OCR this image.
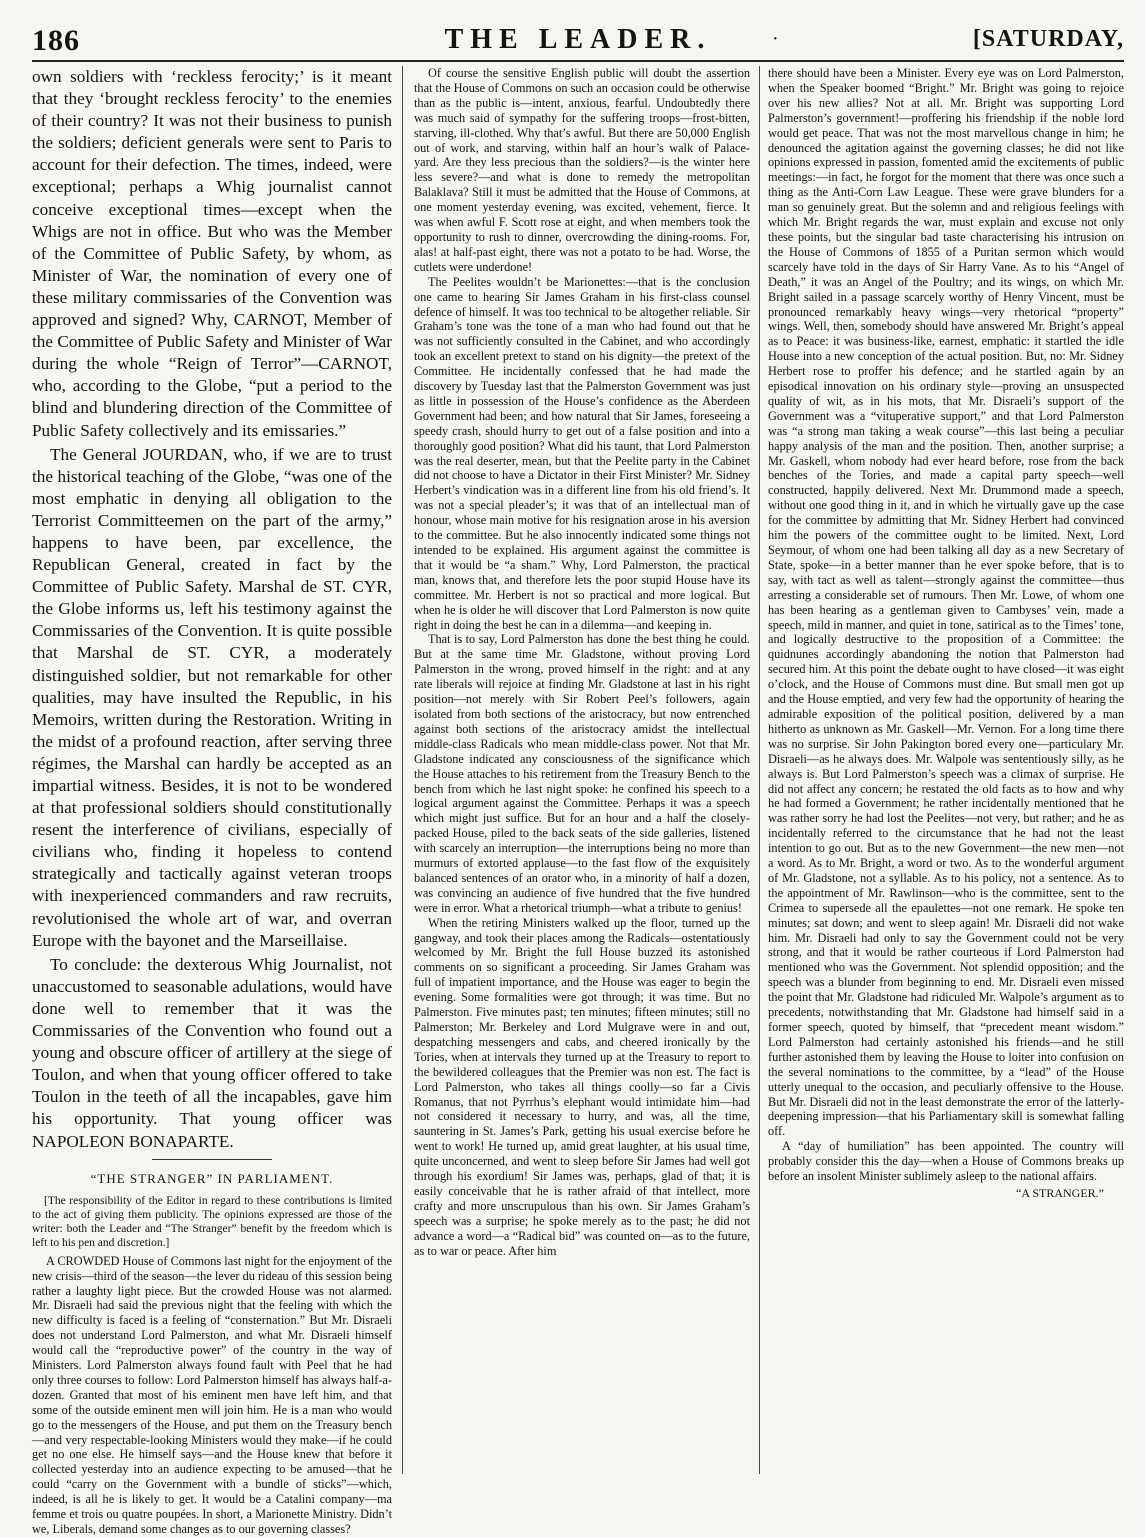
186	THE LEADER.	·	[SATURDAY,

own soldiers with ‘reckless ferocity;’ is it meant that they ‘brought reckless ferocity’ to the enemies of their country? It was not their business to punish the soldiers; deficient generals were sent to Paris to account for their defection. The times, indeed, were exceptional; perhaps a Whig journalist cannot conceive exceptional times—except when the Whigs are not in office. But who was the Member of the Committee of Public Safety, by whom, as Minister of War, the nomination of every one of these military commissaries of the Convention was approved and signed? Why, CARNOT, Member of the Committee of Public Safety and Minister of War during the whole “Reign of Terror”—CARNOT, who, according to the Globe, “put a period to the blind and blundering direction of the Committee of Public Safety collectively and its emissaries.”

The General JOURDAN, who, if we are to trust the historical teaching of the Globe, “was one of the most emphatic in denying all obligation to the Terrorist Committeemen on the part of the army,” happens to have been, par excellence, the Republican General, created in fact by the Committee of Public Safety. Marshal de ST. CYR, the Globe informs us, left his testimony against the Commissaries of the Convention. It is quite possible that Marshal de ST. CYR, a moderately distinguished soldier, but not remarkable for other qualities, may have insulted the Republic, in his Memoirs, written during the Restoration. Writing in the midst of a profound reaction, after serving three régimes, the Marshal can hardly be accepted as an impartial witness. Besides, it is not to be wondered at that professional soldiers should constitutionally resent the interference of civilians, especially of civilians who, finding it hopeless to contend strategically and tactically against veteran troops with inexperienced commanders and raw recruits, revolutionised the whole art of war, and overran Europe with the bayonet and the Marseillaise.

To conclude: the dexterous Whig Journalist, not unaccustomed to seasonable adulations, would have done well to remember that it was the Commissaries of the Convention who found out a young and obscure officer of artillery at the siege of Toulon, and when that young officer offered to take Toulon in the teeth of all the incapables, gave him his opportunity. That young officer was NAPOLEON BONAPARTE.

“THE STRANGER” IN PARLIAMENT.

[The responsibility of the Editor in regard to these contributions is limited to the act of giving them publicity. The opinions expressed are those of the writer: both the Leader and “The Stranger” benefit by the freedom which is left to his pen and discretion.]

A CROWDED House of Commons last night for the enjoyment of the new crisis—third of the season—the lever du rideau of this session being rather a laughty light piece. But the crowded House was not alarmed. Mr. Disraeli had said the previous night that the feeling with which the new difficulty is faced is a feeling of “consternation.” But Mr. Disraeli does not understand Lord Palmerston, and what Mr. Disraeli himself would call the “reproductive power” of the country in the way of Ministers. Lord Palmerston always found fault with Peel that he had only three courses to follow: Lord Palmerston himself has always half-a-dozen. Granted that most of his eminent men have left him, and that some of the outside eminent men will join him. He is a man who would go to the messengers of the House, and put them on the Treasury bench—and very respectable-looking Ministers would they make—if he could get no one else. He himself says—and the House knew that before it collected yesterday into an audience expecting to be amused—that he could “carry on the Government with a bundle of sticks”—which, indeed, is all he is likely to get. It would be a Catalini company—ma femme et trois ou quatre poupées. In short, a Marionette Ministry. Didn’t we, Liberals, demand some changes as to our governing classes?

Of course the sensitive English public will doubt the assertion that the House of Commons on such an occasion could be otherwise than as the public is—intent, anxious, fearful. Undoubtedly there was much said of sympathy for the suffering troops—frost-bitten, starving, ill-clothed. Why that’s awful. But there are 50,000 English out of work, and starving, within half an hour’s walk of Palace-yard. Are they less precious than the soldiers?—is the winter here less severe?—and what is done to remedy the metropolitan Balaklava? Still it must be admitted that the House of Commons, at one moment yesterday evening, was excited, vehement, fierce. It was when awful F. Scott rose at eight, and when members took the opportunity to rush to dinner, overcrowding the dining-rooms. For, alas! at half-past eight, there was not a potato to be had. Worse, the cutlets were underdone!

The Peelites wouldn’t be Marionettes:—that is the conclusion one came to hearing Sir James Graham in his first-class counsel defence of himself. It was too technical to be altogether reliable. Sir Graham’s tone was the tone of a man who had found out that he was not sufficiently consulted in the Cabinet, and who accordingly took an excellent pretext to stand on his dignity—the pretext of the Committee. He incidentally confessed that he had made the discovery by Tuesday last that the Palmerston Government was just as little in possession of the House’s confidence as the Aberdeen Government had been; and how natural that Sir James, foreseeing a speedy crash, should hurry to get out of a false position and into a thoroughly good position? What did his taunt, that Lord Palmerston was the real deserter, mean, but that the Peelite party in the Cabinet did not choose to have a Dictator in their First Minister? Mr. Sidney Herbert’s vindication was in a different line from his old friend’s. It was not a special pleader’s; it was that of an intellectual man of honour, whose main motive for his resignation arose in his aversion to the committee. But he also innocently indicated some things not intended to be explained. His argument against the committee is that it would be “a sham.” Why, Lord Palmerston, the practical man, knows that, and therefore lets the poor stupid House have its committee. Mr. Herbert is not so practical and more logical. But when he is older he will discover that Lord Palmerston is now quite right in doing the best he can in a dilemma—and keeping in.

That is to say, Lord Palmerston has done the best thing he could. But at the same time Mr. Gladstone, without proving Lord Palmerston in the wrong, proved himself in the right: and at any rate liberals will rejoice at finding Mr. Gladstone at last in his right position—not merely with Sir Robert Peel’s followers, again isolated from both sections of the aristocracy, but now entrenched against both sections of the aristocracy amidst the intellectual middle-class Radicals who mean middle-class power. Not that Mr. Gladstone indicated any consciousness of the significance which the House attaches to his retirement from the Treasury Bench to the bench from which he last night spoke: he confined his speech to a logical argument against the Committee. Perhaps it was a speech which might just suffice. But for an hour and a half the closely-packed House, piled to the back seats of the side galleries, listened with scarcely an interruption—the interruptions being no more than murmurs of extorted applause—to the fast flow of the exquisitely balanced sentences of an orator who, in a minority of half a dozen, was convincing an audience of five hundred that the five hundred were in error. What a rhetorical triumph—what a tribute to genius!

When the retiring Ministers walked up the floor, turned up the gangway, and took their places among the Radicals—ostentatiously welcomed by Mr. Bright the full House buzzed its astonished comments on so significant a proceeding. Sir James Graham was full of impatient importance, and the House was eager to begin the evening. Some formalities were got through; it was time. But no Palmerston. Five minutes past; ten minutes; fifteen minutes; still no Palmerston; Mr. Berkeley and Lord Mulgrave were in and out, despatching messengers and cabs, and cheered ironically by the Tories, when at intervals they turned up at the Treasury to report to the bewildered colleagues that the Premier was non est. The fact is Lord Palmerston, who takes all things coolly—so far a Civis Romanus, that not Pyrrhus’s elephant would intimidate him—had not considered it necessary to hurry, and was, all the time, sauntering in St. James’s Park, getting his usual exercise before he went to work! He turned up, amid great laughter, at his usual time, quite unconcerned, and went to sleep before Sir James had well got through his exordium! Sir James was, perhaps, glad of that; it is easily conceivable that he is rather afraid of that intellect, more crafty and more unscrupulous than his own. Sir James Graham’s speech was a surprise; he spoke merely as to the past; he did not advance a word—a “Radical bid” was counted on—as to the future, as to war or peace. After him

there should have been a Minister. Every eye was on Lord Palmerston, when the Speaker boomed “Bright.” Mr. Bright was going to rejoice over his new allies? Not at all. Mr. Bright was supporting Lord Palmerston’s government!—proffering his friendship if the noble lord would get peace. That was not the most marvellous change in him; he denounced the agitation against the governing classes; he did not like opinions expressed in passion, fomented amid the excitements of public meetings:—in fact, he forgot for the moment that there was once such a thing as the Anti-Corn Law League. These were grave blunders for a man so genuinely great. But the solemn and and religious feelings with which Mr. Bright regards the war, must explain and excuse not only these points, but the singular bad taste characterising his intrusion on the House of Commons of 1855 of a Puritan sermon which would scarcely have told in the days of Sir Harry Vane. As to his “Angel of Death,” it was an Angel of the Poultry; and its wings, on which Mr. Bright sailed in a passage scarcely worthy of Henry Vincent, must be pronounced remarkably heavy wings—very rhetorical “property” wings. Well, then, somebody should have answered Mr. Bright’s appeal as to Peace: it was business-like, earnest, emphatic: it startled the idle House into a new conception of the actual position. But, no: Mr. Sidney Herbert rose to proffer his defence; and he startled again by an episodical innovation on his ordinary style—proving an unsuspected quality of wit, as in his mots, that Mr. Disraeli’s support of the Government was a “vituperative support,” and that Lord Palmerston was “a strong man taking a weak course”—this last being a peculiar happy analysis of the man and the position. Then, another surprise; a Mr. Gaskell, whom nobody had ever heard before, rose from the back benches of the Tories, and made a capital party speech—well constructed, happily delivered. Next Mr. Drummond made a speech, without one good thing in it, and in which he virtually gave up the case for the committee by admitting that Mr. Sidney Herbert had convinced him the powers of the committee ought to be limited. Next, Lord Seymour, of whom one had been talking all day as a new Secretary of State, spoke—in a better manner than he ever spoke before, that is to say, with tact as well as talent—strongly against the committee—thus arresting a considerable set of rumours. Then Mr. Lowe, of whom one has been hearing as a gentleman given to Cambyses’ vein, made a speech, mild in manner, and quiet in tone, satirical as to the Times’ tone, and logically destructive to the proposition of a Committee: the quidnunes accordingly abandoning the notion that Palmerston had secured him. At this point the debate ought to have closed—it was eight o’clock, and the House of Commons must dine. But small men got up and the House emptied, and very few had the opportunity of hearing the admirable exposition of the political position, delivered by a man hitherto as unknown as Mr. Gaskell—Mr. Vernon. For a long time there was no surprise. Sir John Pakington bored every one—particulary Mr. Disraeli—as he always does. Mr. Walpole was sententiously silly, as he always is. But Lord Palmerston’s speech was a climax of surprise. He did not affect any concern; he restated the old facts as to how and why he had formed a Government; he rather incidentally mentioned that he was rather sorry he had lost the Peelites—not very, but rather; and he as incidentally referred to the circumstance that he had not the least intention to go out. But as to the new Government—the new men—not a word. As to Mr. Bright, a word or two. As to the wonderful argument of Mr. Gladstone, not a syllable. As to his policy, not a sentence. As to the appointment of Mr. Rawlinson—who is the committee, sent to the Crimea to supersede all the epaulettes—not one remark. He spoke ten minutes; sat down; and went to sleep again! Mr. Disraeli did not wake him. Mr. Disraeli had only to say the Government could not be very strong, and that it would be rather courteous if Lord Palmerston had mentioned who was the Government. Not splendid opposition; and the speech was a blunder from beginning to end. Mr. Disraeli even missed the point that Mr. Gladstone had ridiculed Mr. Walpole’s argument as to precedents, notwithstanding that Mr. Gladstone had himself said in a former speech, quoted by himself, that “precedent meant wisdom.” Lord Palmerston had certainly astonished his friends—and he still further astonished them by leaving the House to loiter into confusion on the several nominations to the committee, by a “lead” of the House utterly unequal to the occasion, and peculiarly offensive to the House. But Mr. Disraeli did not in the least demonstrate the error of the latterly-deepening impression—that his Parliamentary skill is somewhat falling off.

A “day of humiliation” has been appointed. The country will probably consider this the day—when a House of Commons breaks up before an insolent Minister sublimely asleep to the national affairs.

“A STRANGER.”
